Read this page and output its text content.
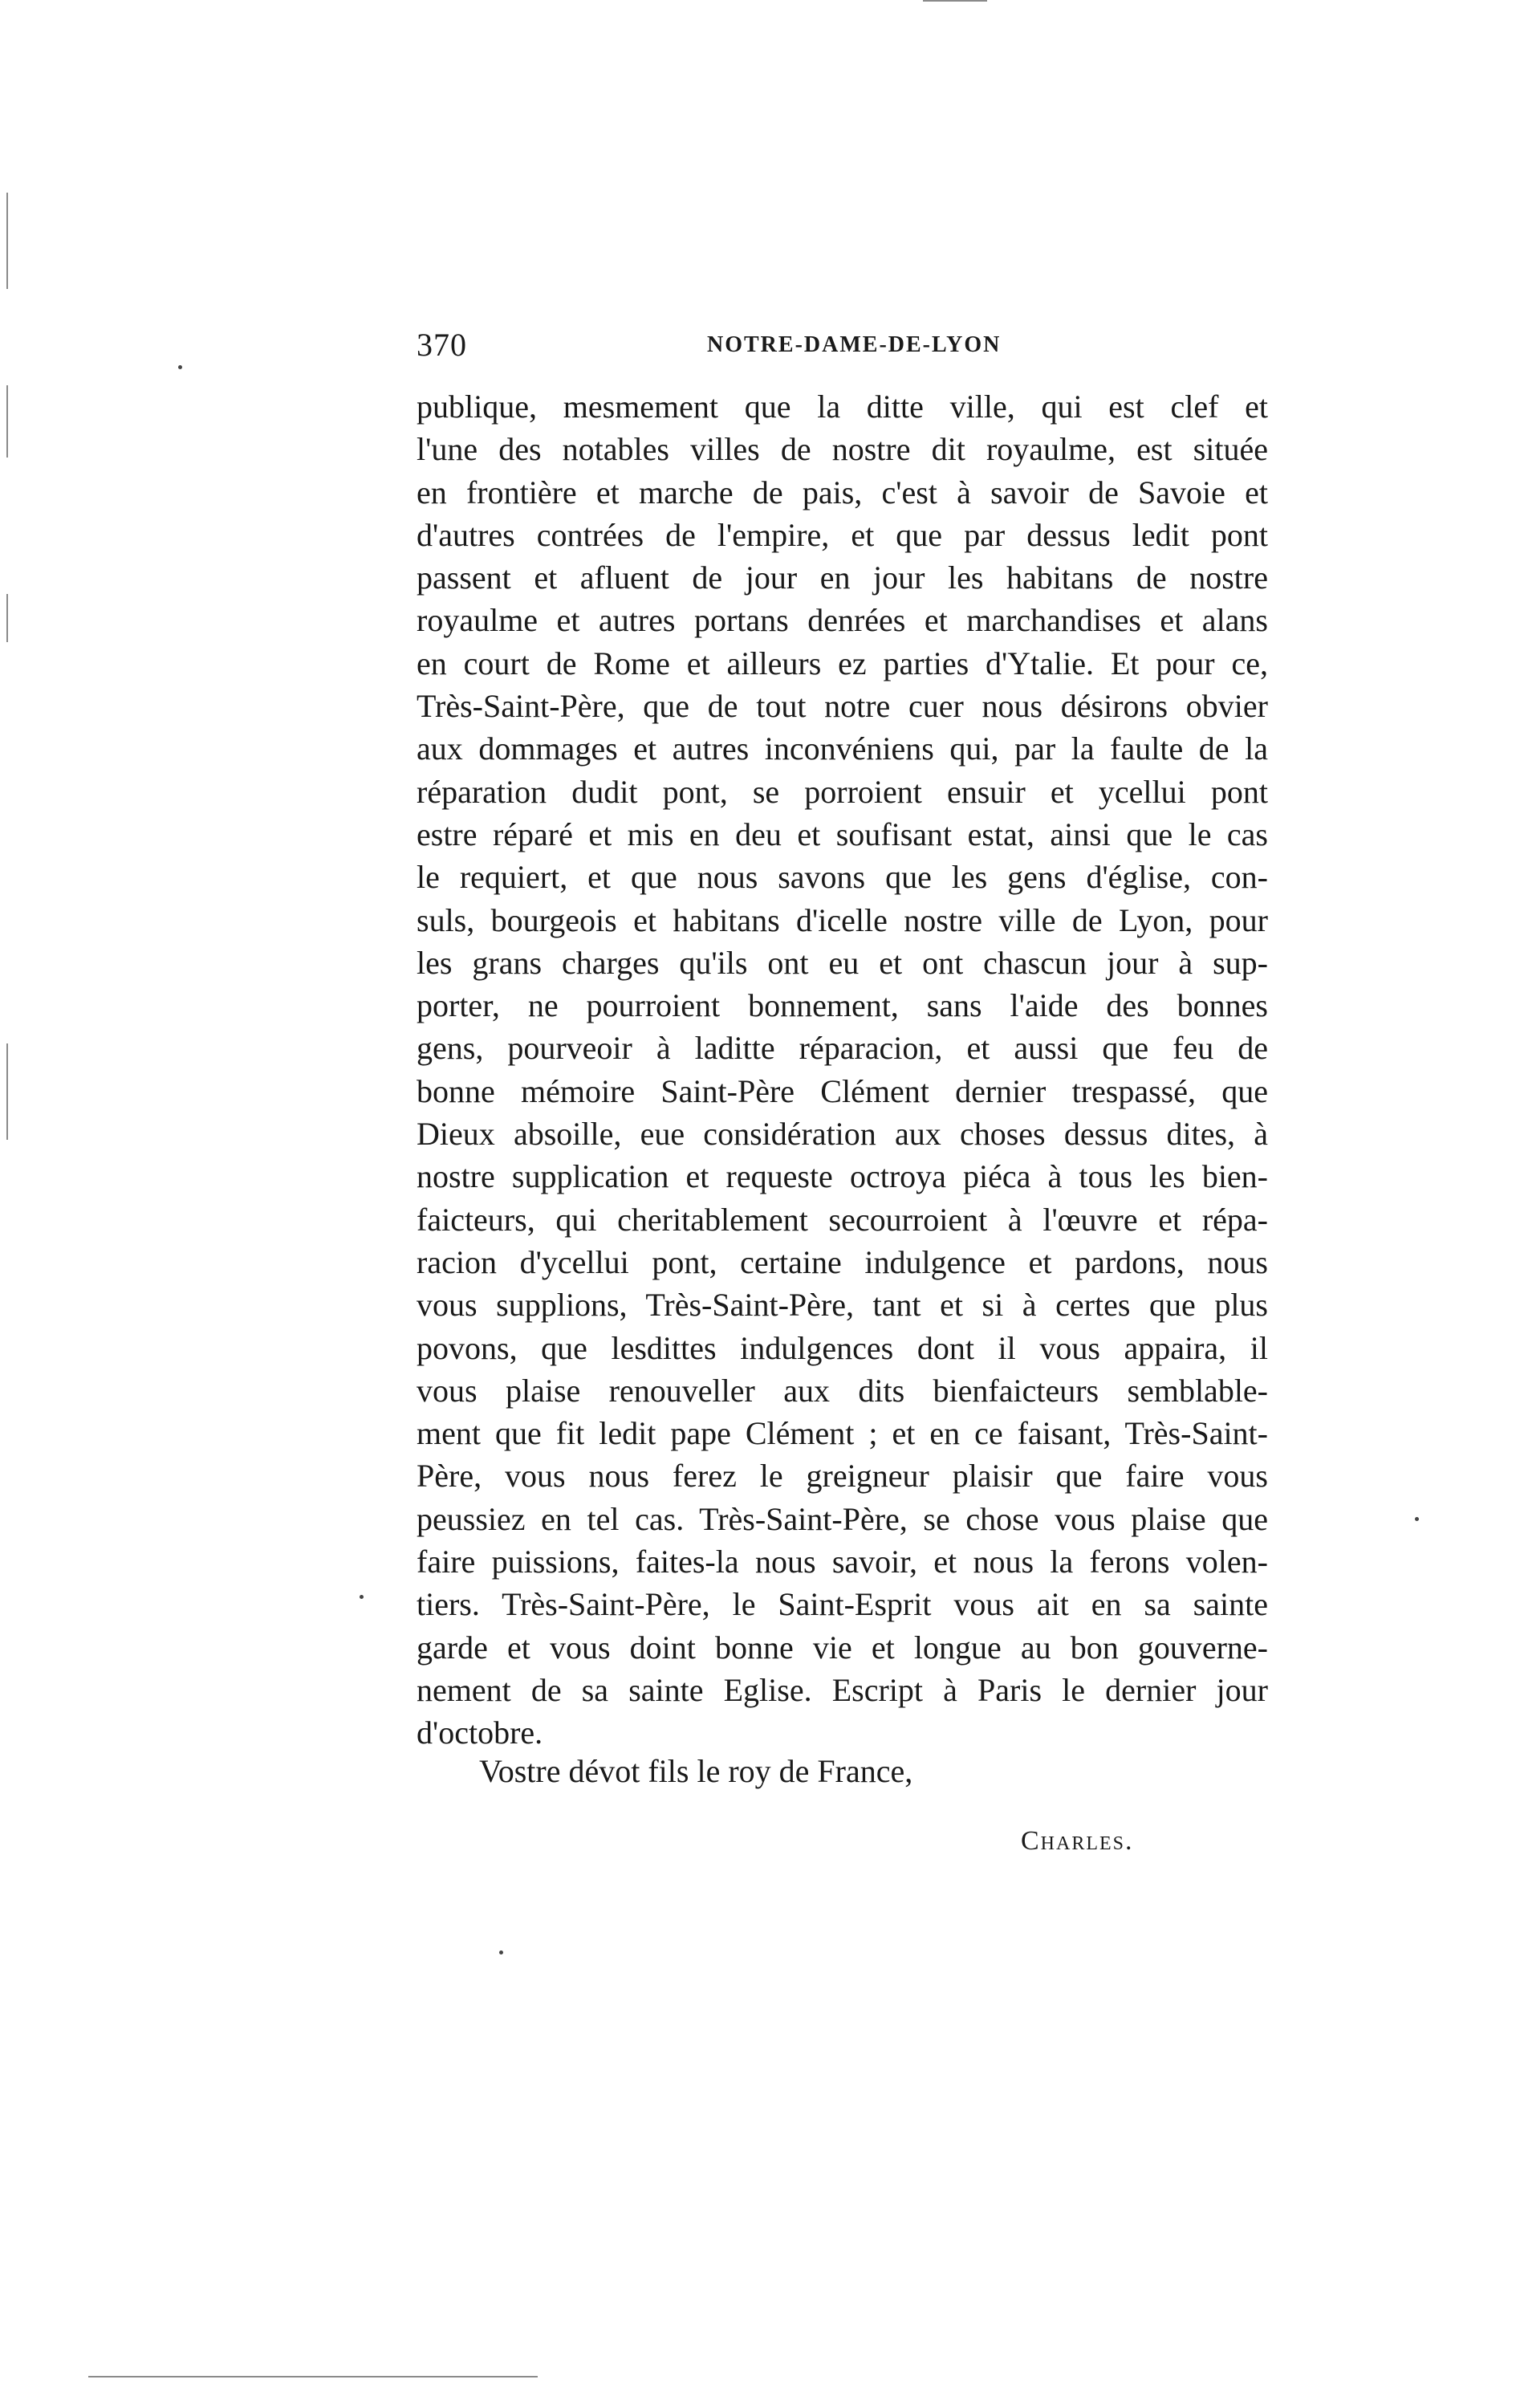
370	NOTRE-DAME-DE-LYON
publique, mesmement que la ditte ville, qui est clef et
l'une des notables villes de nostre dit royaulme, est située
en frontière et marche de pais, c'est à savoir de Savoie et
d'autres contrées de l'empire, et que par dessus ledit pont
passent et afluent de jour en jour les habitans de nostre
royaulme et autres portans denrées et marchandises et alans
en court de Rome et ailleurs ez parties d'Ytalie. Et pour ce,
Très-Saint-Père, que de tout notre cuer nous désirons obvier
aux dommages et autres inconvéniens qui, par la faulte de la
réparation dudit pont, se porroient ensuir et ycellui pont
estre réparé et mis en deu et soufisant estat, ainsi que le cas
le requiert, et que nous savons que les gens d'église, con-
suls, bourgeois et habitans d'icelle nostre ville de Lyon, pour
les grans charges qu'ils ont eu et ont chascun jour à sup-
porter, ne pourroient bonnement, sans l'aide des bonnes
gens, pourveoir à laditte réparacion, et aussi que feu de
bonne mémoire Saint-Père Clément dernier trespassé, que
Dieux absoille, eue considération aux choses dessus dites, à
nostre supplication et requeste octroya piéca à tous les bien-
faicteurs, qui cheritablement secourroient à l'œuvre et répa-
racion d'ycellui pont, certaine indulgence et pardons, nous
vous supplions, Très-Saint-Père, tant et si à certes que plus
povons, que lesdittes indulgences dont il vous appaira, il
vous plaise renouveller aux dits bienfaicteurs semblable-
ment que fit ledit pape Clément ; et en ce faisant, Très-Saint-
Père, vous nous ferez le greigneur plaisir que faire vous
peussiez en tel cas. Très-Saint-Père, se chose vous plaise que
faire puissions, faites-la nous savoir, et nous la ferons volen-
tiers. Très-Saint-Père, le Saint-Esprit vous ait en sa sainte
garde et vous doint bonne vie et longue au bon gouverne-
nement de sa sainte Eglise. Escript à Paris le dernier jour
d'octobre.
Vostre dévot fils le roy de France,
Charles.
